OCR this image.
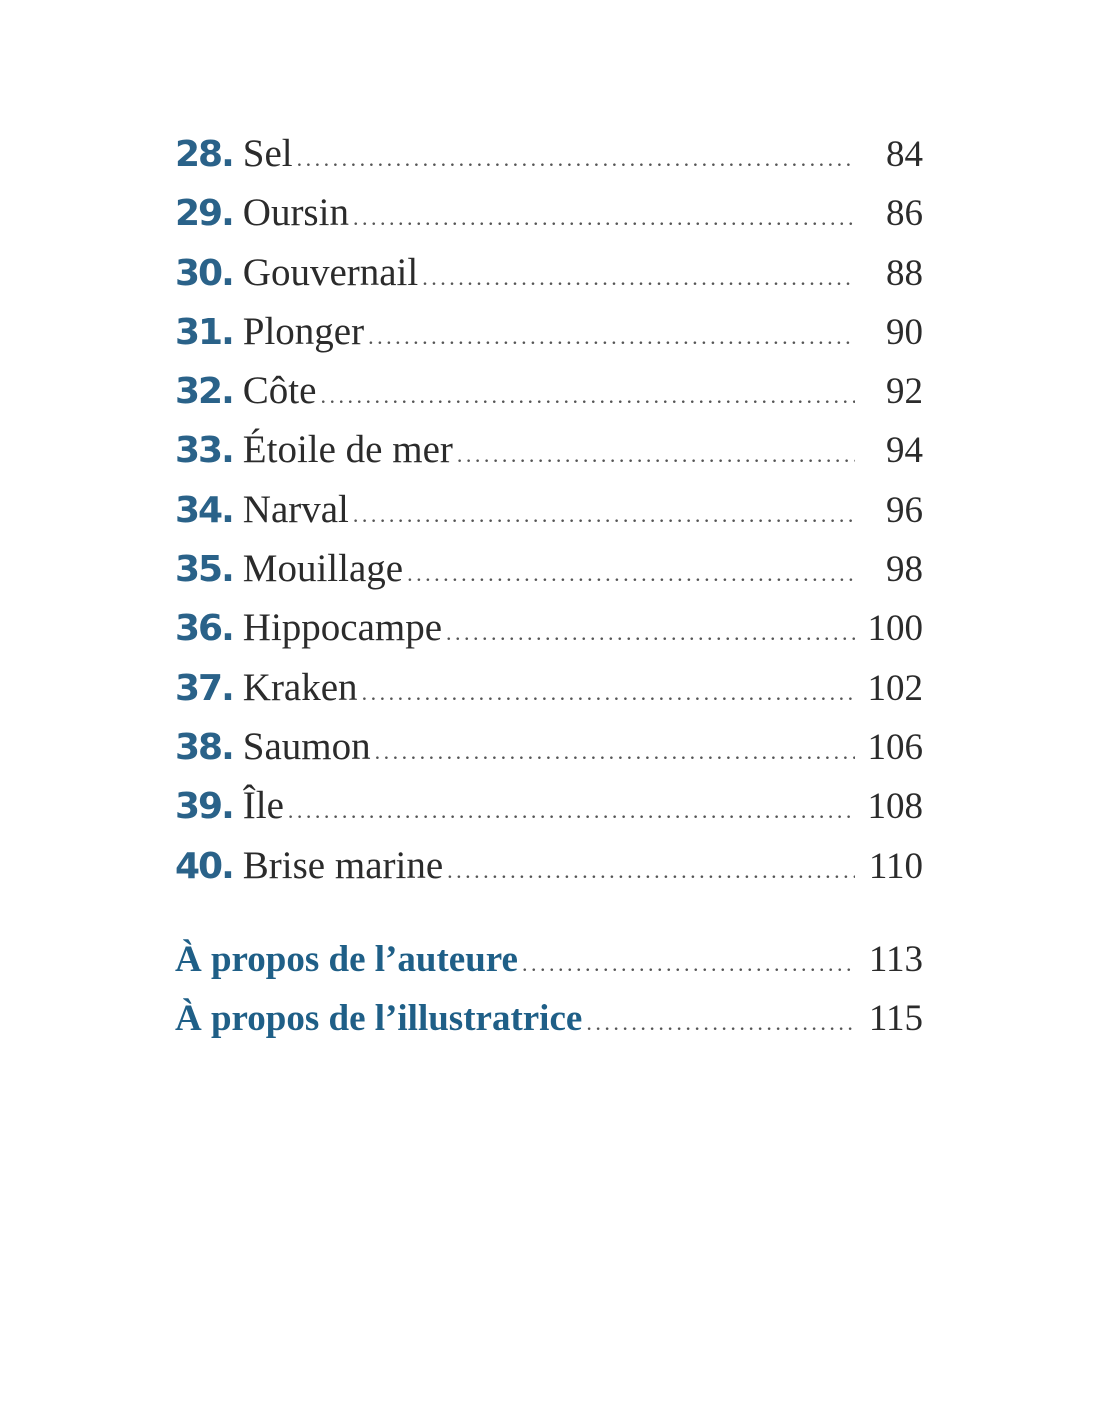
28. Sel . . .	84
29. Oursin . . .	86
30. Gouvernail . . .	88
31. Plonger . . .	90
32. Côte . . .	92
33. Étoile de mer . . .	94
34. Narval . . .	96
35. Mouillage . . .	98
36. Hippocampe . . .	100
37. Kraken . . .	102
38. Saumon . . .	106
39. Île . . .	108
40. Brise marine . . .	110
À propos de l’auteure . . .	113
À propos de l’illustratrice . . .	115
